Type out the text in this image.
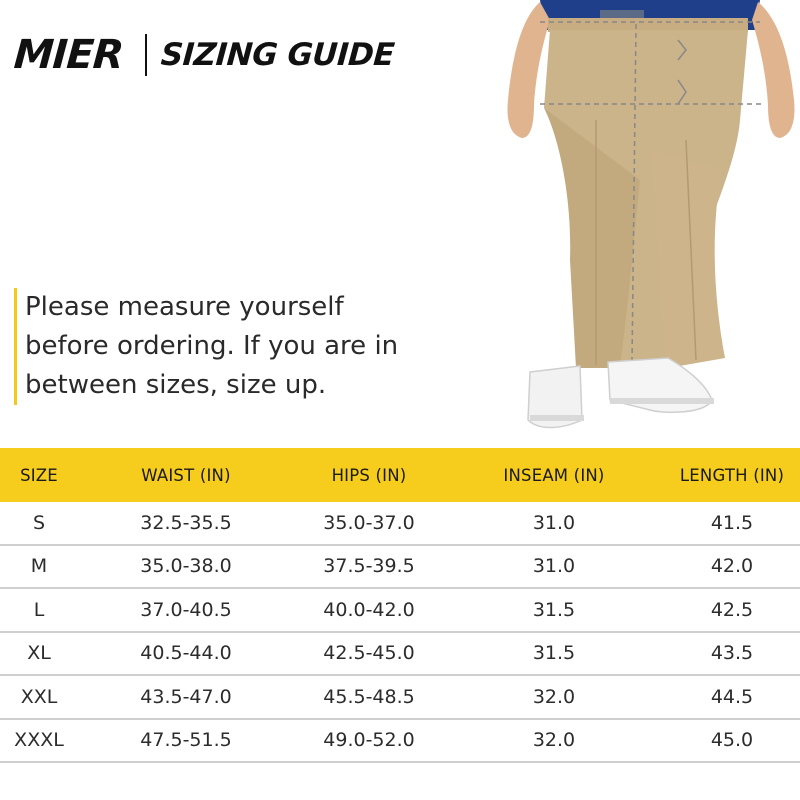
MIER SIZING GUIDE
Please measure yourself before ordering. If you are in between sizes, size up.
SIZE	WAIST (IN)	HIPS (IN)	INSEAM (IN)	LENGTH (IN)
S	32.5-35.5	35.0-37.0	31.0	41.5
M	35.0-38.0	37.5-39.5	31.0	42.0
L	37.0-40.5	40.0-42.0	31.5	42.5
XL	40.5-44.0	42.5-45.0	31.5	43.5
XXL	43.5-47.0	45.5-48.5	32.0	44.5
XXXL	47.5-51.5	49.0-52.0	32.0	45.0
